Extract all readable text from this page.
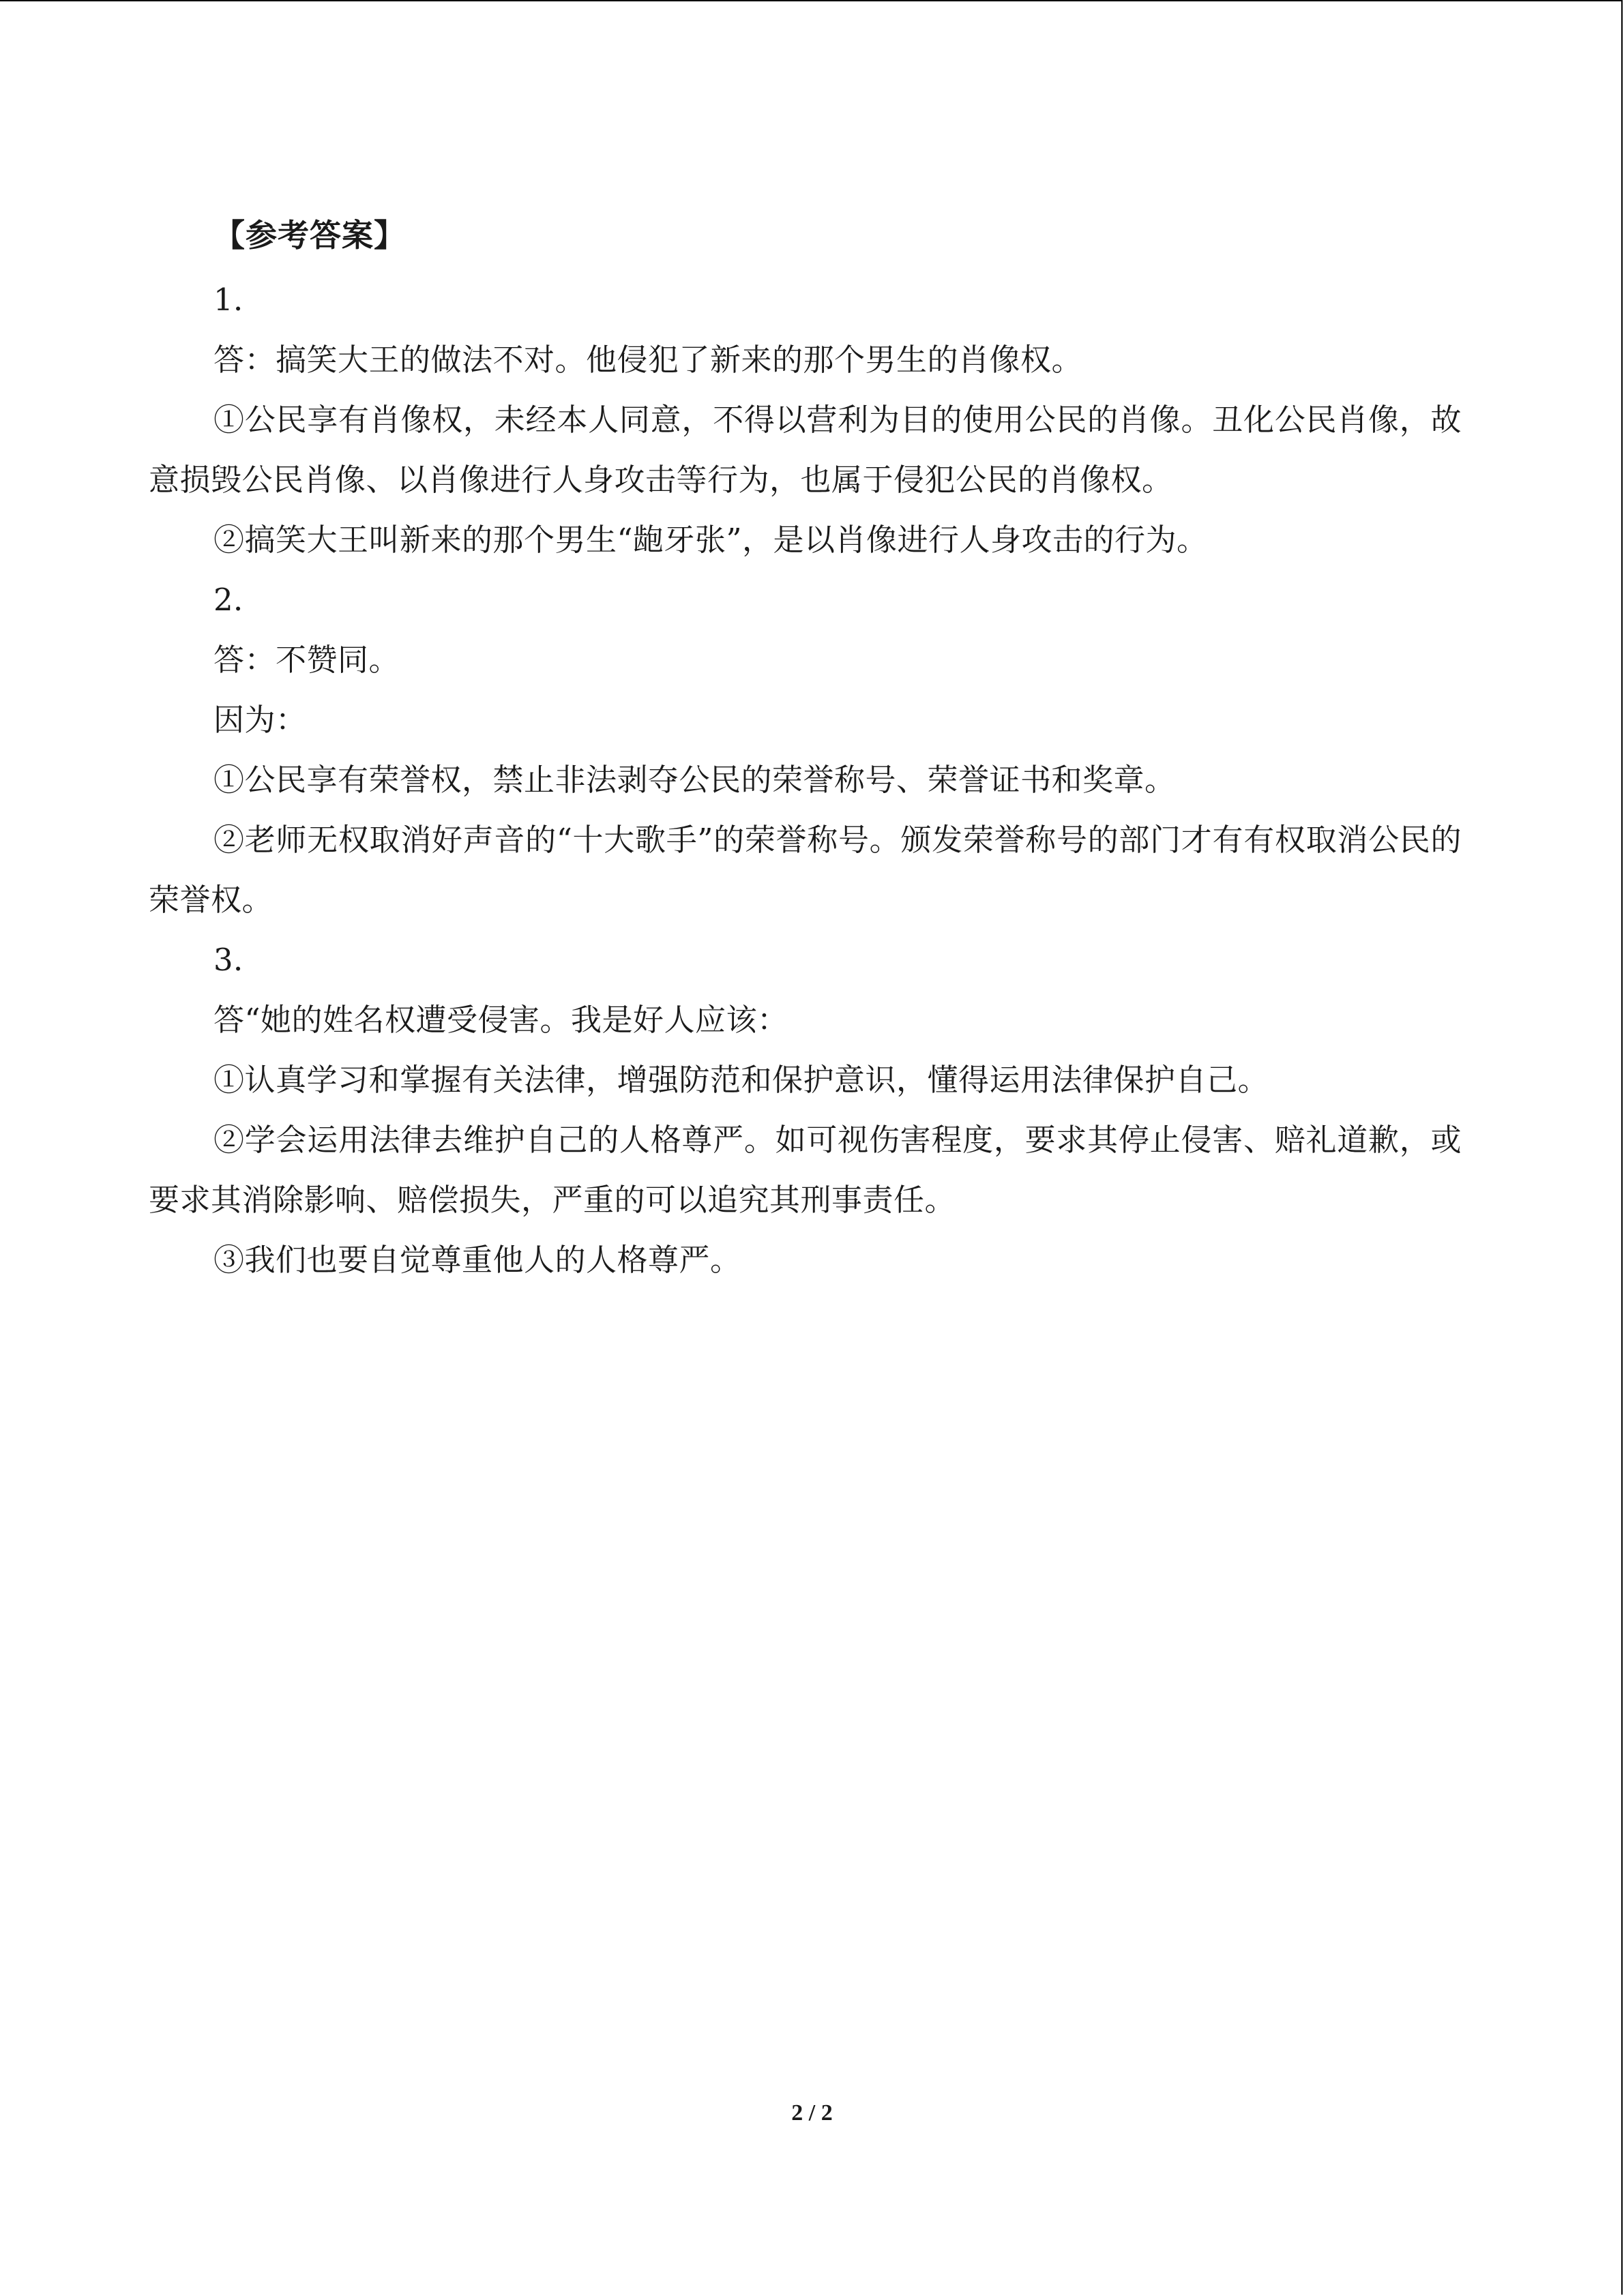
【参考答案】
1．
答：搞笑大王的做法不对。他侵犯了新来的那个男生的肖像权。
①公民享有肖像权，未经本人同意，不得以营利为目的使用公民的肖像。丑化公民肖像，故意损毁公民肖像、以肖像进行人身攻击等行为，也属于侵犯公民的肖像权。
②搞笑大王叫新来的那个男生“龅牙张”，是以肖像进行人身攻击的行为。
2．
答：不赞同。
因为：
①公民享有荣誉权，禁止非法剥夺公民的荣誉称号、荣誉证书和奖章。
②老师无权取消好声音的“十大歌手”的荣誉称号。颁发荣誉称号的部门才有有权取消公民的荣誉权。
3．
答“她的姓名权遭受侵害。我是好人应该：
①认真学习和掌握有关法律，增强防范和保护意识，懂得运用法律保护自己。
②学会运用法律去维护自己的人格尊严。如可视伤害程度，要求其停止侵害、赔礼道歉，或要求其消除影响、赔偿损失，严重的可以追究其刑事责任。
③我们也要自觉尊重他人的人格尊严。
2 / 2
